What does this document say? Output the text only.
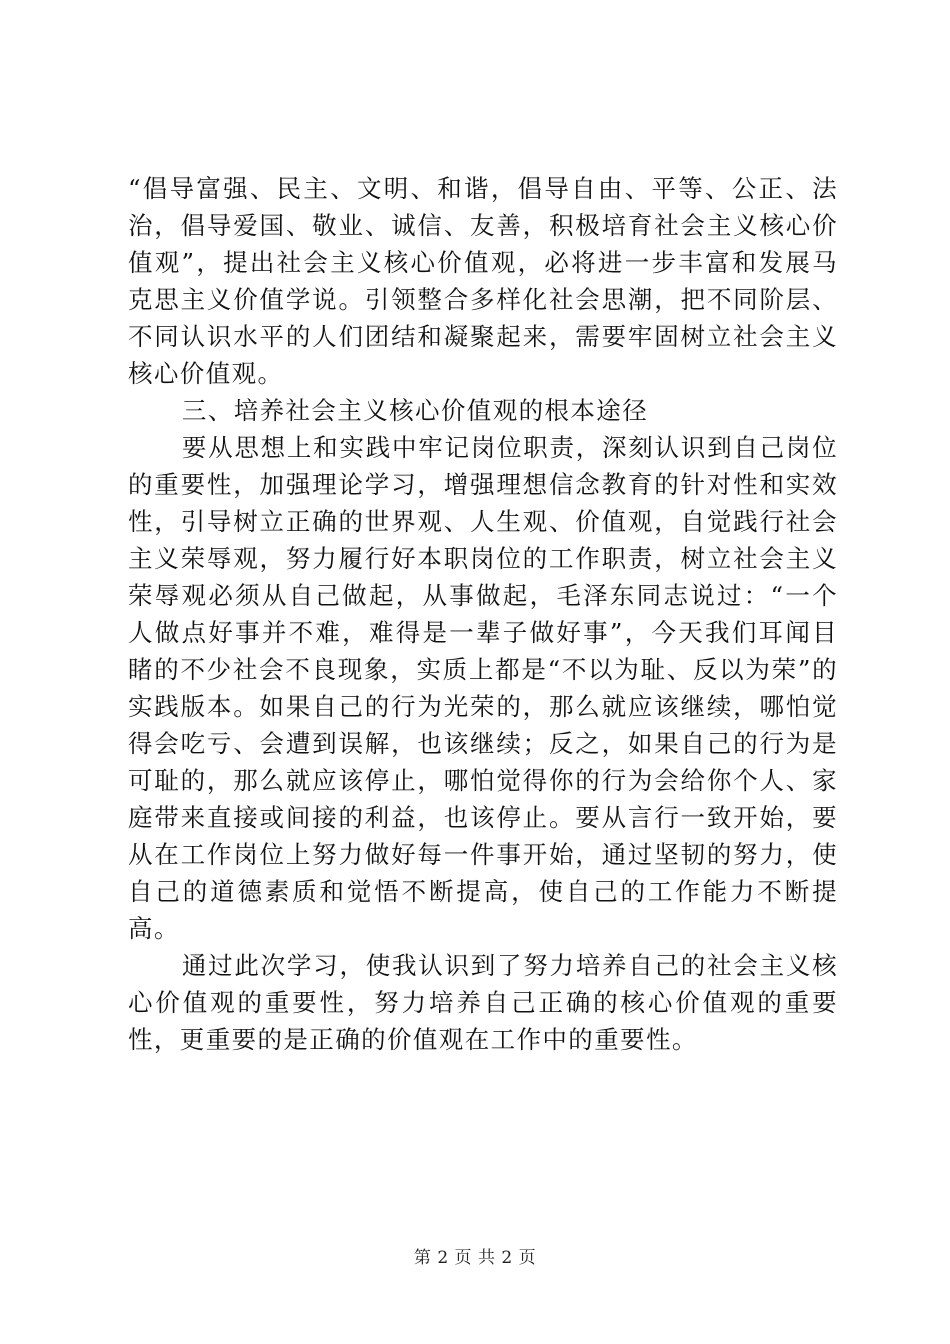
“倡导富强、民主、文明、和谐，倡导自由、平等、公正、法治，倡导爱国、敬业、诚信、友善，积极培育社会主义核心价值观”，提出社会主义核心价值观，必将进一步丰富和发展马克思主义价值学说。引领整合多样化社会思潮，把不同阶层、不同认识水平的人们团结和凝聚起来，需要牢固树立社会主义核心价值观。

三、培养社会主义核心价值观的根本途径

要从思想上和实践中牢记岗位职责，深刻认识到自己岗位的重要性，加强理论学习，增强理想信念教育的针对性和实效性，引导树立正确的世界观、人生观、价值观，自觉践行社会主义荣辱观，努力履行好本职岗位的工作职责，树立社会主义荣辱观必须从自己做起，从事做起，毛泽东同志说过：“一个人做点好事并不难，难得是一辈子做好事”，今天我们耳闻目睹的不少社会不良现象，实质上都是“不以为耻、反以为荣”的实践版本。如果自己的行为光荣的，那么就应该继续，哪怕觉得会吃亏、会遭到误解，也该继续；反之，如果自己的行为是可耻的，那么就应该停止，哪怕觉得你的行为会给你个人、家庭带来直接或间接的利益，也该停止。要从言行一致开始，要从在工作岗位上努力做好每一件事开始，通过坚韧的努力，使自己的道德素质和觉悟不断提高，使自己的工作能力不断提高。

通过此次学习，使我认识到了努力培养自己的社会主义核心价值观的重要性，努力培养自己正确的核心价值观的重要性，更重要的是正确的价值观在工作中的重要性。

第 2 页 共 2 页
